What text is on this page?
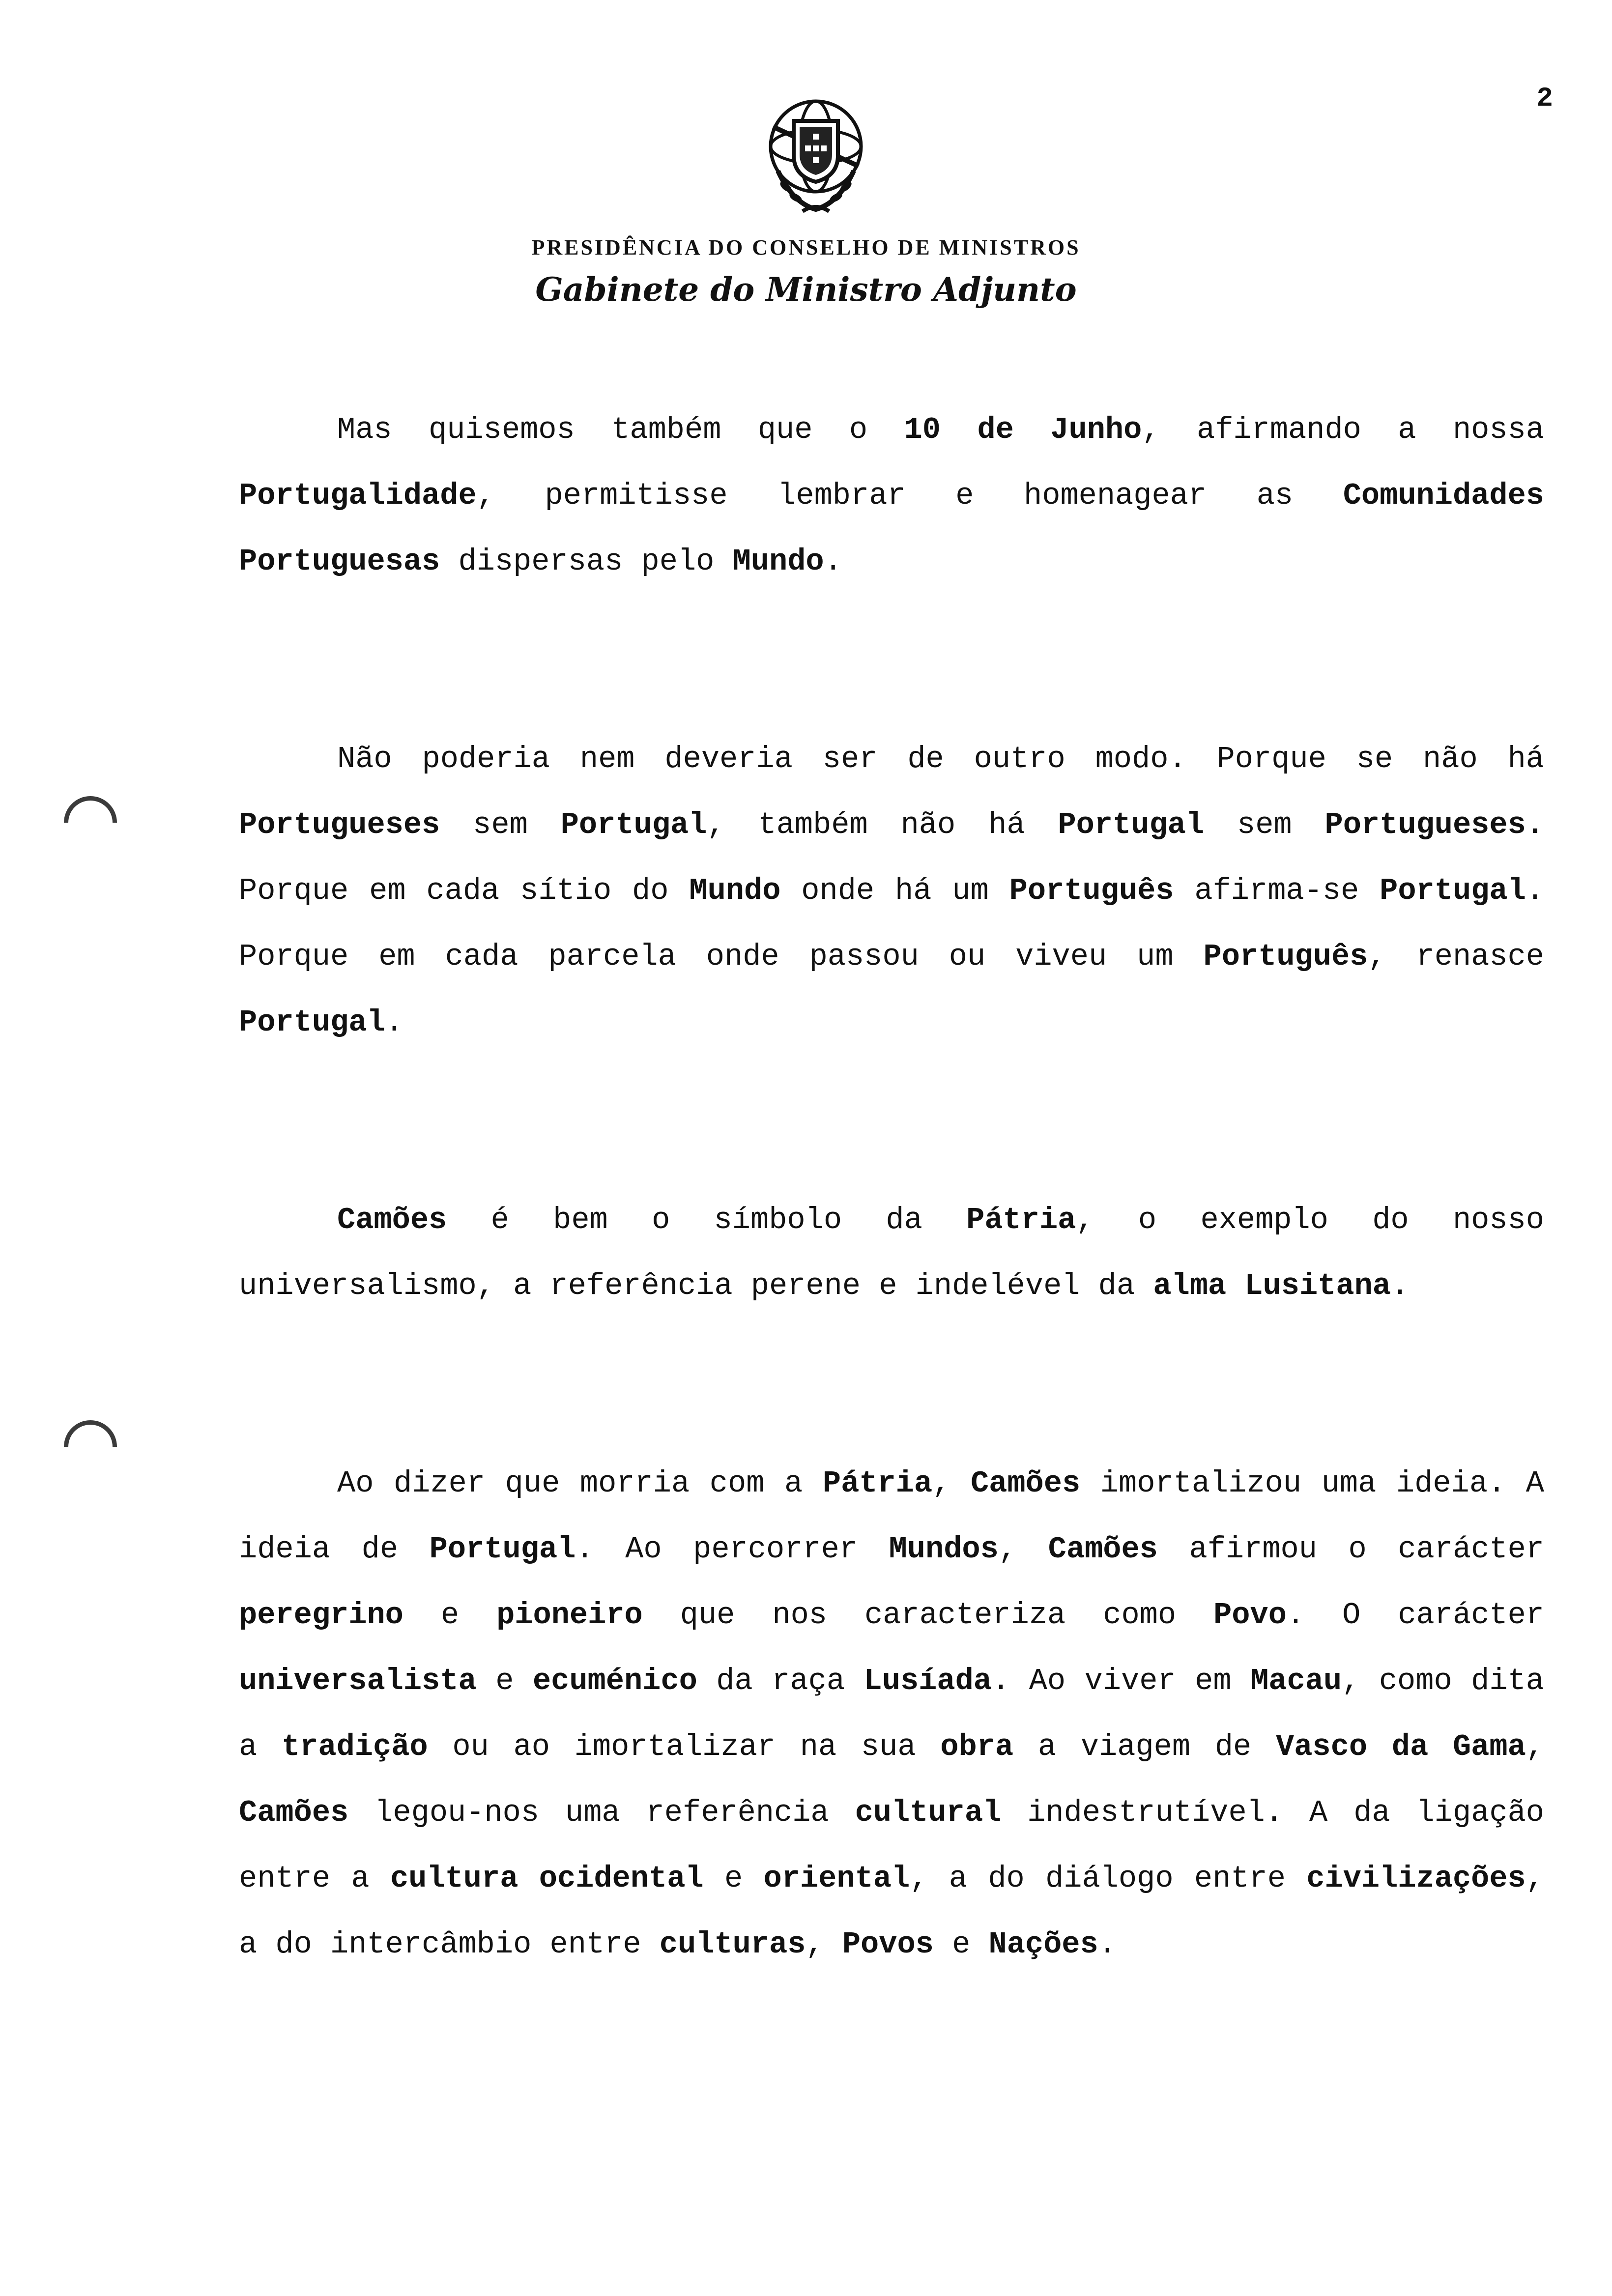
2
PRESIDÊNCIA DO CONSELHO DE MINISTROS
Gabinete do Ministro Adjunto

Mas quisemos também que o 10 de Junho, afirmando a nossa Portugalidade, permitisse lembrar e homenagear as Comunidades Portuguesas dispersas pelo Mundo.

Não poderia nem deveria ser de outro modo. Porque se não há Portugueses sem Portugal, também não há Portugal sem Portugueses. Porque em cada sítio do Mundo onde há um Português afirma-se Portugal. Porque em cada parcela onde passou ou viveu um Português, renasce Portugal.

Camões é bem o símbolo da Pátria, o exemplo do nosso universalismo, a referência perene e indelével da alma Lusitana.

Ao dizer que morria com a Pátria, Camões imortalizou uma ideia. A ideia de Portugal. Ao percorrer Mundos, Camões afirmou o carácter peregrino e pioneiro que nos caracteriza como Povo. O carácter universalista e ecuménico da raça Lusíada. Ao viver em Macau, como dita a tradição ou ao imortalizar na sua obra a viagem de Vasco da Gama, Camões legou-nos uma referência cultural indestrutível. A da ligação entre a cultura ocidental e oriental, a do diálogo entre civilizações, a do intercâmbio entre culturas, Povos e Nações.
